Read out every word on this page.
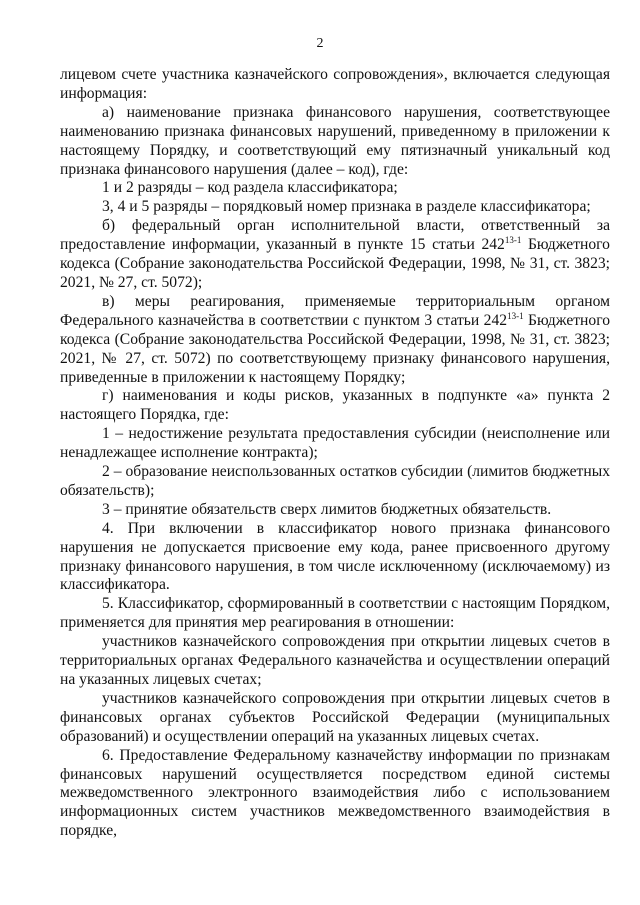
2

лицевом счете участника казначейского сопровождения», включается следующая информация:

а) наименование признака финансового нарушения, соответствующее наименованию признака финансовых нарушений, приведенному в приложении к настоящему Порядку, и соответствующий ему пятизначный уникальный код признака финансового нарушения (далее – код), где:

1 и 2 разряды – код раздела классификатора;

3, 4 и 5 разряды – порядковый номер признака в разделе классификатора;

б) федеральный орган исполнительной власти, ответственный за предоставление информации, указанный в пункте 15 статьи 242$^{13-1}$ Бюджетного кодекса (Собрание законодательства Российской Федерации, 1998, № 31, ст. 3823; 2021, № 27, ст. 5072);

в) меры реагирования, применяемые территориальным органом Федерального казначейства в соответствии с пунктом 3 статьи 242$^{13-1}$ Бюджетного кодекса (Собрание законодательства Российской Федерации, 1998, № 31, ст. 3823; 2021, № 27, ст. 5072) по соответствующему признаку финансового нарушения, приведенные в приложении к настоящему Порядку;

г) наименования и коды рисков, указанных в подпункте «а» пункта 2 настоящего Порядка, где:

1 – недостижение результата предоставления субсидии (неисполнение или ненадлежащее исполнение контракта);

2 – образование неиспользованных остатков субсидии (лимитов бюджетных обязательств);

3 – принятие обязательств сверх лимитов бюджетных обязательств.

4. При включении в классификатор нового признака финансового нарушения не допускается присвоение ему кода, ранее присвоенного другому признаку финансового нарушения, в том числе исключенному (исключаемому) из классификатора.

5. Классификатор, сформированный в соответствии с настоящим Порядком, применяется для принятия мер реагирования в отношении:

участников казначейского сопровождения при открытии лицевых счетов в территориальных органах Федерального казначейства и осуществлении операций на указанных лицевых счетах;

участников казначейского сопровождения при открытии лицевых счетов в финансовых органах субъектов Российской Федерации (муниципальных образований) и осуществлении операций на указанных лицевых счетах.

6. Предоставление Федеральному казначейству информации по признакам финансовых нарушений осуществляется посредством единой системы межведомственного электронного взаимодействия либо с использованием информационных систем участников межведомственного взаимодействия в порядке,
